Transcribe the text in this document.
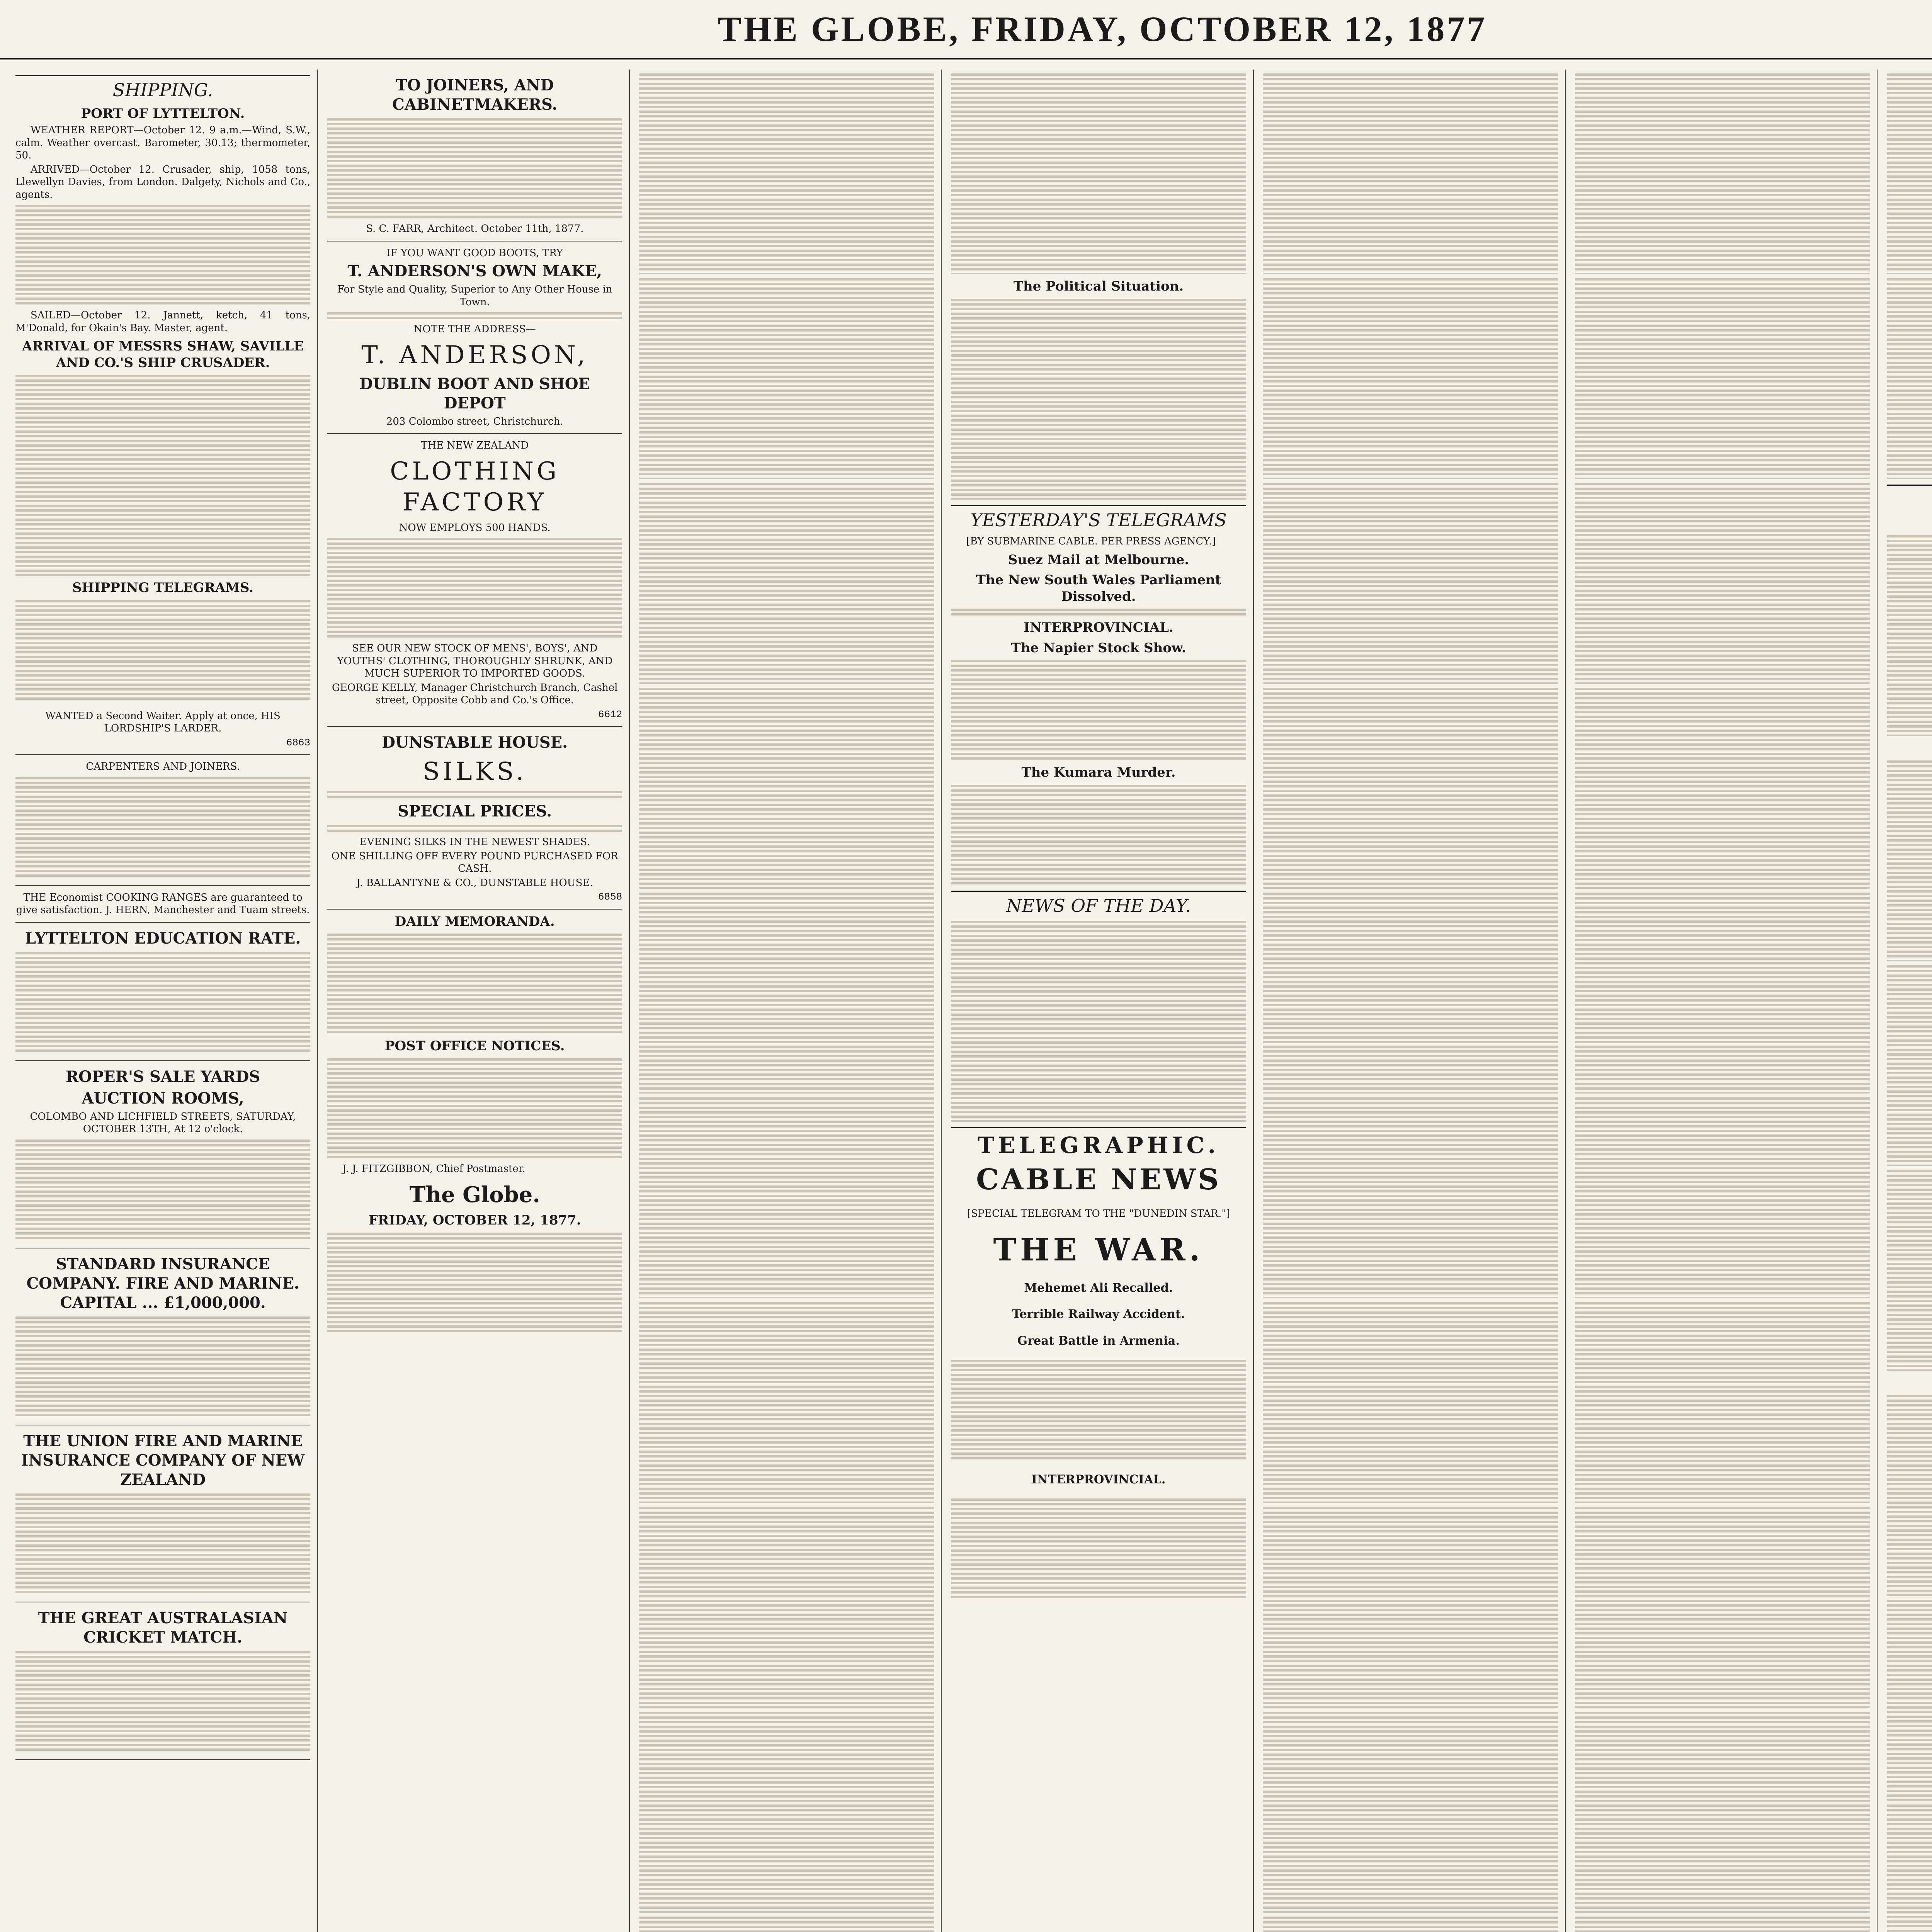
THE GLOBE, FRIDAY, OCTOBER 12, 1877
SHIPPING.
PORT OF LYTTELTON.

WEATHER REPORT—October 12. 9 a.m.—Wind, S.W., calm. Weather overcast. Barometer, 30.13; thermometer, 50.

ARRIVED—October 12. Crusader, ship, 1058 tons, Llewellyn Davies, from London. Dalgety, Nichols and Co., agents.

SAILED—October 12. Jannett, ketch, 41 tons, M'Donald, for Okain's Bay. Master, agent.

ARRIVAL OF MESSRS SHAW, SAVILLE AND CO.'S SHIP CRUSADER.
SHIPPING TELEGRAMS.

WANTED a Second Waiter. Apply at once, HIS LORDSHIP'S LARDER.

6863

CARPENTERS AND JOINERS.

THE Economist COOKING RANGES are guaranteed to give satisfaction. J. HERN, Manchester and Tuam streets.

LYTTELTON EDUCATION RATE.

ROPER'S SALE YARDS

AUCTION ROOMS,

COLOMBO AND LICHFIELD STREETS, SATURDAY, OCTOBER 13TH, At 12 o'clock.

STANDARD INSURANCE COMPANY. FIRE AND MARINE. CAPITAL ... £1,000,000.

THE UNION FIRE AND MARINE INSURANCE COMPANY OF NEW ZEALAND

THE GREAT AUSTRALASIAN CRICKET MATCH.

TO JOINERS, AND CABINETMAKERS.

S. C. FARR, Architect. October 11th, 1877.

IF YOU WANT GOOD BOOTS, TRY

T. ANDERSON'S OWN MAKE,

For Style and Quality, Superior to Any Other House in Town.

NOTE THE ADDRESS—

T. ANDERSON,

DUBLIN BOOT AND SHOE DEPOT

203 Colombo street, Christchurch.

THE NEW ZEALAND

CLOTHING FACTORY

NOW EMPLOYS 500 HANDS.

SEE OUR NEW STOCK OF MENS', BOYS', AND YOUTHS' CLOTHING, THOROUGHLY SHRUNK, AND MUCH SUPERIOR TO IMPORTED GOODS.

GEORGE KELLY, Manager Christchurch Branch, Cashel street, Opposite Cobb and Co.'s Office.

6612

DUNSTABLE HOUSE.

SILKS.

SPECIAL PRICES.

EVENING SILKS IN THE NEWEST SHADES.

ONE SHILLING OFF EVERY POUND PURCHASED FOR CASH.

J. BALLANTYNE & CO., DUNSTABLE HOUSE.

6858

DAILY MEMORANDA.
POST OFFICE NOTICES.

J. J. FITZGIBBON, Chief Postmaster.

The Globe.
FRIDAY, OCTOBER 12, 1877.
The Political Situation.
YESTERDAY'S TELEGRAMS

[BY SUBMARINE CABLE. PER PRESS AGENCY.]

Suez Mail at Melbourne.
The New South Wales Parliament Dissolved.
INTERPROVINCIAL.
The Napier Stock Show.
The Kumara Murder.
NEWS OF THE DAY.
TELEGRAPHIC.
CABLE NEWS

[SPECIAL TELEGRAM TO THE "DUNEDIN STAR."]

THE WAR.
Mehemet Ali Recalled.
Terrible Railway Accident.
Great Battle in Armenia.
INTERPROVINCIAL.
